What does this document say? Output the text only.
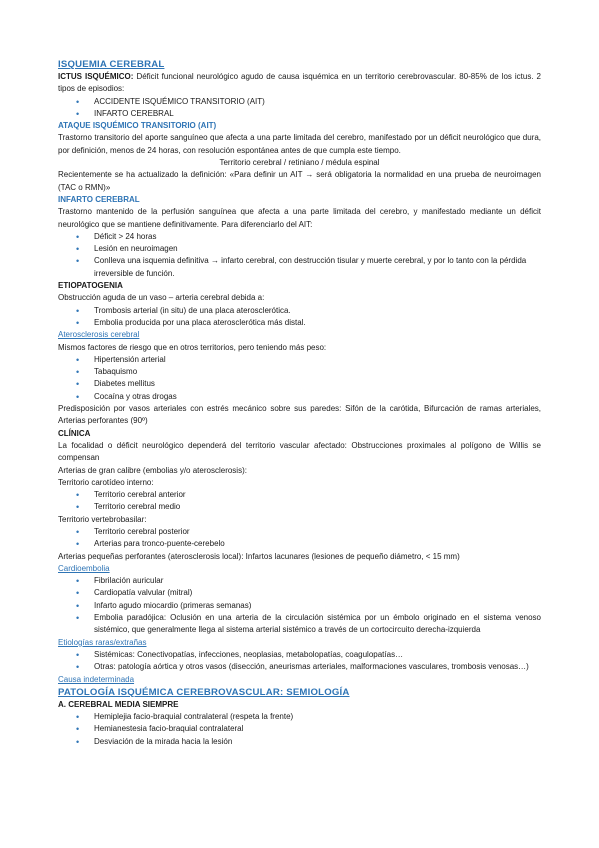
ISQUEMIA CEREBRAL

ICTUS ISQUÉMICO: Déficit funcional neurológico agudo de causa isquémica en un territorio cerebrovascular. 80-85% de los ictus. 2 tipos de episodios:

• ACCIDENTE ISQUÉMICO TRANSITORIO (AIT)
• INFARTO CEREBRAL
ATAQUE ISQUÉMICO TRANSITORIO (AIT)

Trastorno transitorio del aporte sanguíneo que afecta a una parte limitada del cerebro, manifestado por un déficit neurológico que dura, por definición, menos de 24 horas, con resolución espontánea antes de que cumpla este tiempo.

Territorio cerebral / retiniano / médula espinal

Recientemente se ha actualizado la definición: «Para definir un AIT → será obligatoria la normalidad en una prueba de neuroimagen (TAC o RMN)»

INFARTO CEREBRAL

Trastorno mantenido de la perfusión sanguínea que afecta a una parte limitada del cerebro, y manifestado mediante un déficit neurológico que se mantiene definitivamente. Para diferenciarlo del AIT:

• Déficit > 24 horas
• Lesión en neuroimagen
• Conlleva una isquemia definitiva → infarto cerebral, con destrucción tisular y muerte cerebral, y por lo tanto con la pérdida irreversible de función.
ETIOPATOGENIA

Obstrucción aguda de un vaso – arteria cerebral debida a:

• Trombosis arterial (in situ) de una placa aterosclerótica.
• Embolia producida por una placa aterosclerótica más distal.
Aterosclerosis cerebral

Mismos factores de riesgo que en otros territorios, pero teniendo más peso:

• Hipertensión arterial
• Tabaquismo
• Diabetes mellitus
• Cocaína y otras drogas

Predisposición por vasos arteriales con estrés mecánico sobre sus paredes: Sifón de la carótida, Bifurcación de ramas arteriales, Arterias perforantes (90º)

CLÍNICA

La focalidad o déficit neurológico dependerá del territorio vascular afectado: Obstrucciones proximales al polígono de Willis se compensan

Arterias de gran calibre (embolias y/o aterosclerosis):

Territorio carotídeo interno:

• Territorio cerebral anterior
• Territorio cerebral medio

Territorio vertebrobasilar:

• Territorio cerebral posterior
• Arterias para tronco-puente-cerebelo

Arterias pequeñas perforantes (aterosclerosis local): Infartos lacunares (lesiones de pequeño diámetro, < 15 mm)

Cardioembolia
• Fibrilación auricular
• Cardiopatía valvular (mitral)
• Infarto agudo miocardio (primeras semanas)
• Embolia paradójica: Oclusión en una arteria de la circulación sistémica por un émbolo originado en el sistema venoso sistémico, que generalmente llega al sistema arterial sistémico a través de un cortocircuito derecha-izquierda
Etiologías raras/extrañas
• Sistémicas: Conectivopatías, infecciones, neoplasias, metabolopatías, coagulopatías…
• Otras: patología aórtica y otros vasos (disección, aneurismas arteriales, malformaciones vasculares, trombosis venosas…)
Causa indeterminada
PATOLOGÍA ISQUÉMICA CEREBROVASCULAR: SEMIOLOGÍA
A. CEREBRAL MEDIA SIEMPRE
• Hemiplejia facio-braquial contralateral (respeta la frente)
• Hemianestesia facio-braquial contralateral
• Desviación de la mirada hacia la lesión
